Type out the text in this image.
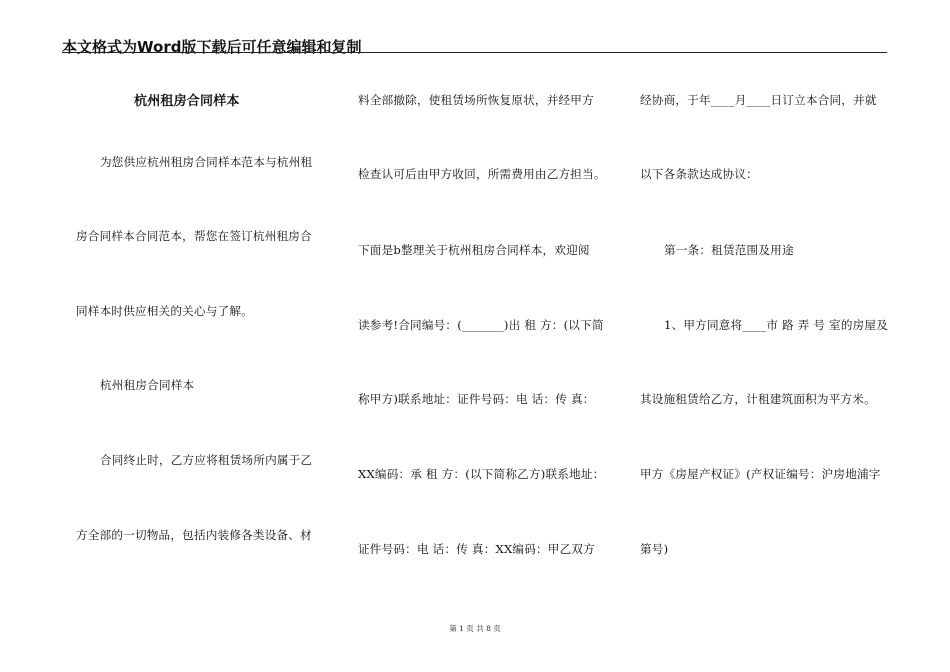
本文格式为Word版下载后可任意编辑和复制
杭州租房合同样本
为您供应杭州租房合同样本范本与杭州租
房合同样本合同范本，帮您在签订杭州租房合
同样本时供应相关的关心与了解。
杭州租房合同样本
合同终止时，乙方应将租赁场所内属于乙
方全部的一切物品，包括内装修各类设备、材
料全部撤除，使租赁场所恢复原状，并经甲方
检查认可后由甲方收回，所需费用由乙方担当。
下面是b整理关于杭州租房合同样本，欢迎阅
读参考!合同编号：(_______)出 租 方：(以下简
称甲方)联系地址：证件号码：电 话：传 真：
XX编码：承 租 方：(以下简称乙方)联系地址：
证件号码：电 话：传 真：XX编码：甲乙双方
经协商，于年____月____日订立本合同，并就
以下各条款达成协议：
第一条：租赁范围及用途
1、甲方同意将____市 路 弄 号 室的房屋及
其设施租赁给乙方，计租建筑面积为平方米。
甲方《房屋产权证》(产权证编号：沪房地浦字
第号)
第 1 页 共 8 页
